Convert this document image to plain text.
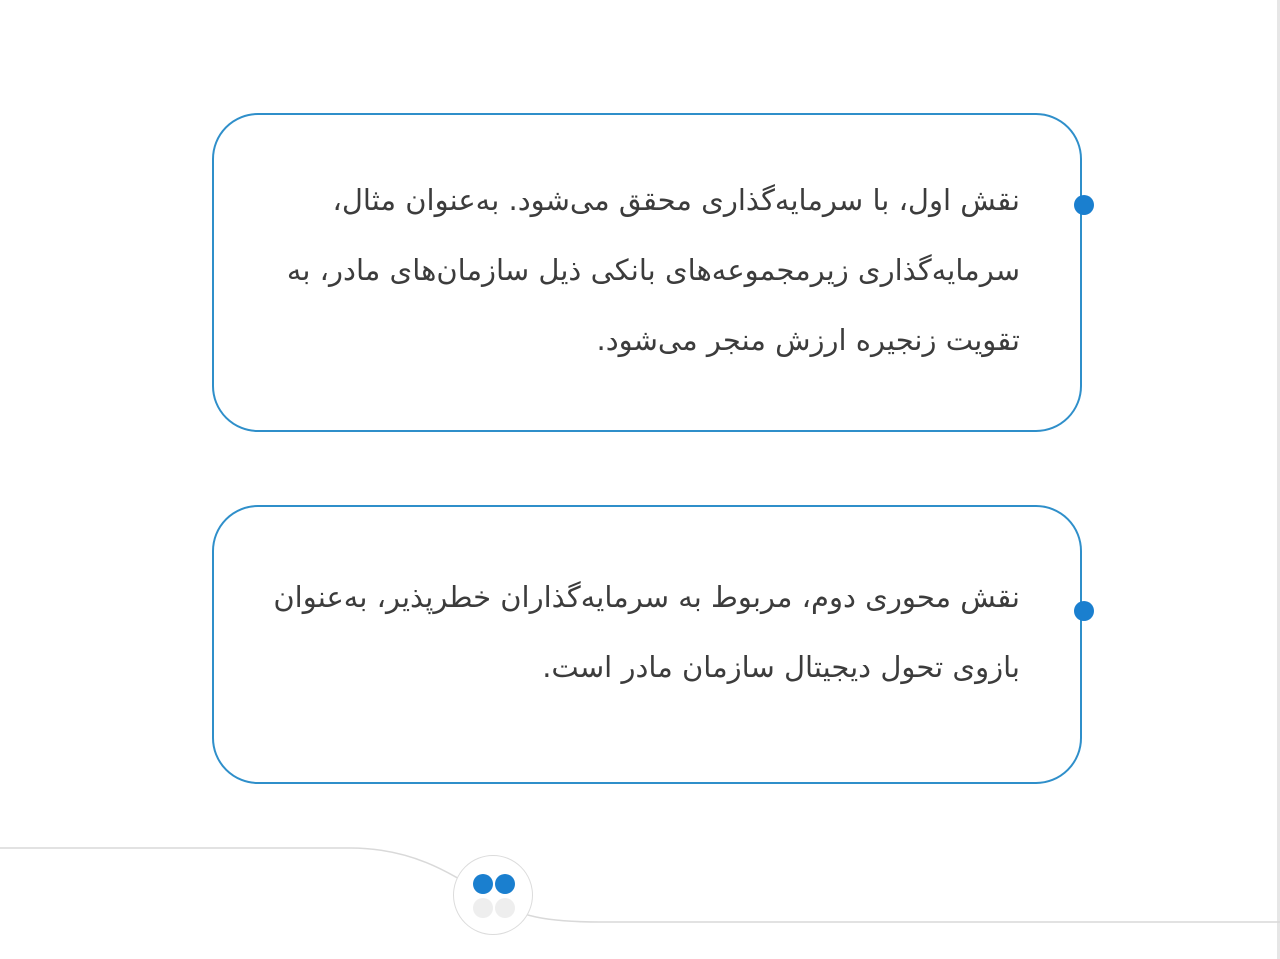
نقش اول، با سرمایه‌گذاری محقق می‌شود. به‌عنوان مثال، سرمایه‌گذاری زیرمجموعه‌های بانکی ذیل سازمان‌های مادر، به تقویت زنجیره ارزش منجر می‌شود.

نقش محوری دوم، مربوط به سرمایه‌گذاران خطرپذیر، به‌عنوان بازوی تحول دیجیتال سازمان مادر است.
